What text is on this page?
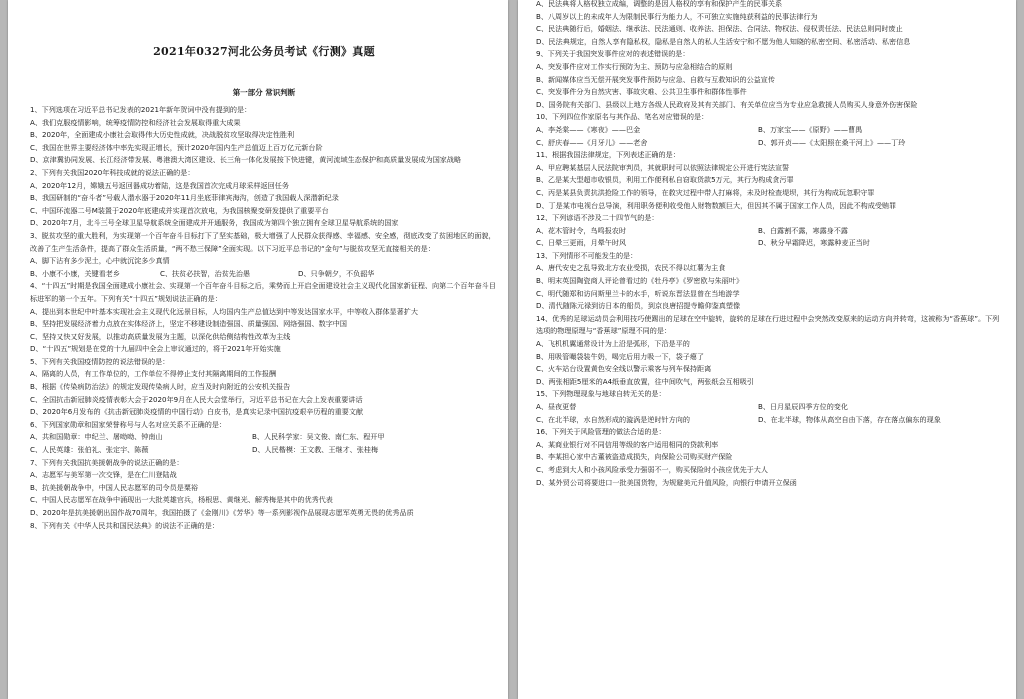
2021年0327河北公务员考试《行测》真题
第一部分 常识判断
1、下列选项在习近平总书记发表的2021年新年贺词中没有提到的是：
A、我们克服疫情影响，统筹疫情防控和经济社会发展取得重大成果
B、2020年，全面建成小康社会取得伟大历史性成就，决战脱贫攻坚取得决定性胜利
C、我国在世界主要经济体中率先实现正增长，预计2020年国内生产总值迈上百万亿元新台阶
D、京津冀协同发展、长江经济带发展、粤港澳大湾区建设、长三角一体化发展按下快进键，黄河流域生态保护和高质量发展成为国家战略
2、下列有关我国2020年科技成就的说法正确的是：
A、2020年12月，嫦娥五号返回器成功着陆，这是我国首次完成月球采样返回任务
B、我国研制的“奋斗者”号载人潜水器于2020年11月坐底菲律宾海沟，创造了我国载人深潜新纪录
C、中国环流器二号M装置于2020年底建成并实现首次放电，为我国核聚变研发提供了重要平台
D、2020年7月，北斗三号全球卫星导航系统全面建成并开通服务，我国成为第四个独立拥有全球卫星导航系统的国家
3、脱贫攻坚的重大胜利，为实现第一个百年奋斗目标打下了坚实基础，极大增强了人民群众获得感、幸福感、安全感，彻底改变了贫困地区的面貌，改善了生产生活条件，提高了群众生活质量，“两不愁三保障”全面实现。以下习近平总书记的“金句”与脱贫攻坚无直接相关的是：
A、脚下沾有多少泥土，心中就沉淀多少真情
B、小康不小康，关键看老乡	C、扶贫必扶智，治贫先治愚	D、只争朝夕，不负韶华
4、“十四五”时期是我国全面建成小康社会、实现第一个百年奋斗目标之后，乘势而上开启全面建设社会主义现代化国家新征程、向第二个百年奋斗目标进军的第一个五年。下列有关“十四五”规划说法正确的是：
A、提出到本世纪中叶基本实现社会主义现代化远景目标，人均国内生产总值达到中等发达国家水平，中等收入群体显著扩大
B、坚持把发展经济着力点放在实体经济上，坚定不移建设制造强国、质量强国、网络强国、数字中国
C、坚持又快又好发展，以推动高质量发展为主题，以深化供给侧结构性改革为主线
D、“十四五”规划是在党的十九届四中全会上审议通过的，将于2021年开始实施
5、下列有关我国疫情防控的说法错误的是：
A、隔离的人员，有工作单位的，工作单位不得停止支付其隔离期间的工作报酬
B、根据《传染病防治法》的规定发现传染病人时，应当及时向附近的公安机关报告
C、全国抗击新冠肺炎疫情表彰大会于2020年9月在人民大会堂举行，习近平总书记在大会上发表重要讲话
D、2020年6月发布的《抗击新冠肺炎疫情的中国行动》白皮书，是真实记录中国抗疫艰辛历程的重要文献
6、下列国家勋章和国家荣誉称号与人名对应关系不正确的是：
A、共和国勋章：申纪兰、屠呦呦、钟南山	B、人民科学家：吴文俊、南仁东、程开甲
C、人民英雄：张伯礼、张定宇、陈薇	D、人民楷模：王文教、王继才、张桂梅
7、下列有关我国抗美援朝战争的说法正确的是：
A、志愿军与美军第一次交锋，是在仁川登陆战
B、抗美援朝战争中，中国人民志愿军的司令员是粟裕
C、中国人民志愿军在战争中涌现出一大批英雄官兵，杨根思、黄继光、解秀梅是其中的优秀代表
D、2020年是抗美援朝出国作战70周年，我国拍摄了《金刚川》《芳华》等一系列影视作品展现志愿军英勇无畏的优秀品质
8、下列有关《中华人民共和国民法典》的说法不正确的是：
A、民法典将人格权独立成编，调整的是因人格权的享有和保护产生的民事关系
B、八周岁以上的未成年人为限制民事行为能力人，不可独立实施纯获利益的民事法律行为
C、民法典随行后，婚姻法、继承法、民法通则、收养法、担保法、合同法、物权法、侵权责任法、民法总则同时废止
D、民法典规定，自然人享有隐私权，隐私是自然人的私人生活安宁和不愿为他人知晓的私密空间、私密活动、私密信息
9、下列关于我国突发事件应对的表述错误的是：
A、突发事件应对工作实行预防为主、预防与应急相结合的原则
B、新闻媒体应当无偿开展突发事件预防与应急、自救与互救知识的公益宣传
C、突发事件分为自然灾害、事故灾难、公共卫生事件和群体性事件
D、国务院有关部门、县级以上地方各级人民政府及其有关部门、有关单位应当为专业应急救援人员购买人身意外伤害保险
10、下列四位作家原名与其作品、笔名对应错误的是：
A、李尧棠——《寒夜》——巴金	B、万家宝——《原野》——曹禺
C、舒庆春——《月牙儿》——老舍	D、郭开贞——《太阳照在桑干河上》——丁玲
11、根据我国法律规定，下列表述正确的是：
A、甲应聘某基层人民法院审判员，其就职时可以依照法律规定公开进行宪法宣誓
B、乙是某大型超市收银员，利用工作便利私自窃取货款5万元，其行为构成贪污罪
C、丙是某县负责抗洪抢险工作的领导，在救灾过程中带人打麻将，未及时检查堤坝，其行为构成玩忽职守罪
D、丁是某市电视台总导演，利用职务便利收受他人财物数额巨大，但因其不属于国家工作人员，因此不构成受贿罪
12、下列谚语不涉及二十四节气的是：
A、花木管时令，鸟鸣报农时	B、白露割不露，寒露身不露
C、日晕三更雨，月晕午时风	D、秋分早霜降迟，寒露种麦正当时
13、下列情形不可能发生的是：
A、唐代安史之乱导致北方农业受损，农民不得以红薯为主食
B、明末英国陶瓷商人评论曾看过的《牡丹亭》《罗密欧与朱丽叶》
C、明代随郑和访问斯里兰卡的水手，听说东晋法显曾在当地游学
D、清代随陈元禄到访日本的船员，到京良唐招提寺瞻仰鉴真塑像
14、优秀的足球运动员会利用技巧使踢出的足球在空中旋转，旋转的足球在行进过程中会突然改变原来的运动方向并转弯，这被称为“香蕉球”。下列选项的物理原理与“香蕉球”原理不同的是：
A、飞机机翼通常设计为上沿是弧形，下沿是平的
B、用吸管嘬袋装牛奶，喝完后用力吸一下，袋子瘪了
C、火车站台设置黄色安全线以警示乘客与列车保持距离
D、两张相距5厘米的A4纸垂直放置，往中间吹气，两张纸会互相吸引
15、下列物理现象与地球自转无关的是：
A、昼夜更替	B、日月星辰四季方位的变化
C、在北半球，水自然形成的漩涡是逆时针方向的	D、在北半球，物体从高空自由下落，存在落点偏东的现象
16、下列关于风险管理的做法合适的是：
A、某商业银行对不同信用等级的客户适用相同的贷款利率
B、李某担心家中古董被盗造成损失，向保险公司购买财产保险
C、考虑到大人和小孩风险承受力强弱不一，购买保险时小孩应优先于大人
D、某外贸公司将要进口一批美国货物，为规避美元升值风险，向银行申请开立保函
